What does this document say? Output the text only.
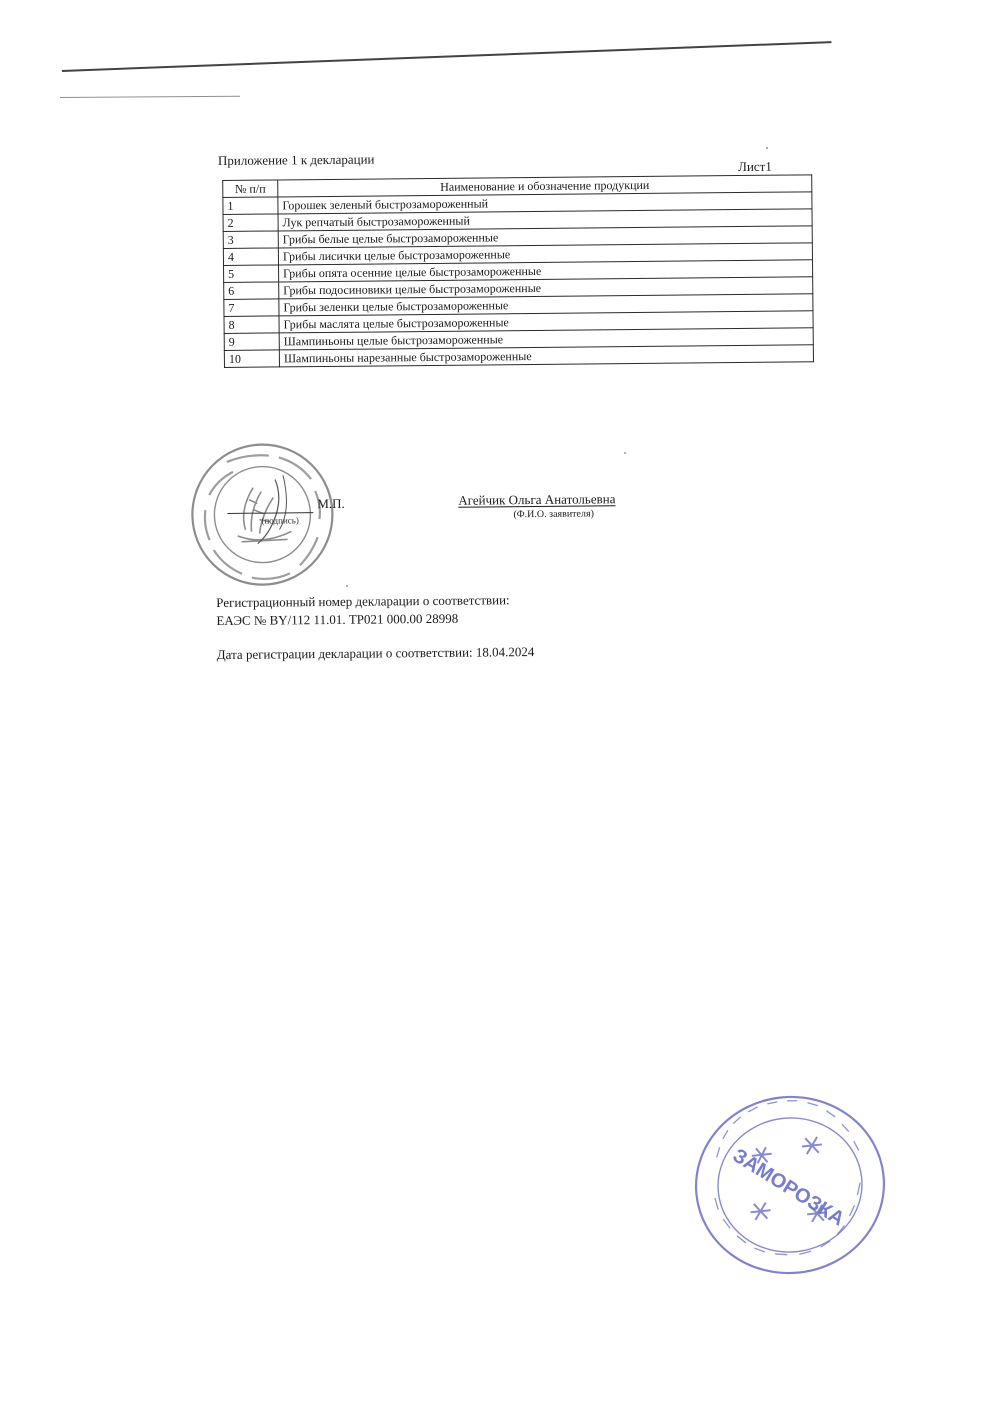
Приложение 1 к декларации	Лист1
№ п/п	Наименование и обозначение продукции
1	Горошек зеленый быстрозамороженный
2	Лук репчатый быстрозамороженный
3	Грибы белые целые быстрозамороженные
4	Грибы лисички целые быстрозамороженные
5	Грибы опята осенние целые быстрозамороженные
6	Грибы подосиновики целые быстрозамороженные
7	Грибы зеленки целые быстрозамороженные
8	Грибы маслята целые быстрозамороженные
9	Шампиньоны целые быстрозамороженные
10	Шампиньоны нарезанные быстрозамороженные
(подпись)
М.П.	Агейчик Ольга Анатольевна
(Ф.И.О. заявителя)
Регистрационный номер декларации о соответствии:
ЕАЭС № BY/112 11.01. ТР021 000.00 28998
Дата регистрации декларации о соответствии: 18.04.2024
ЗАМОРОЗКА
